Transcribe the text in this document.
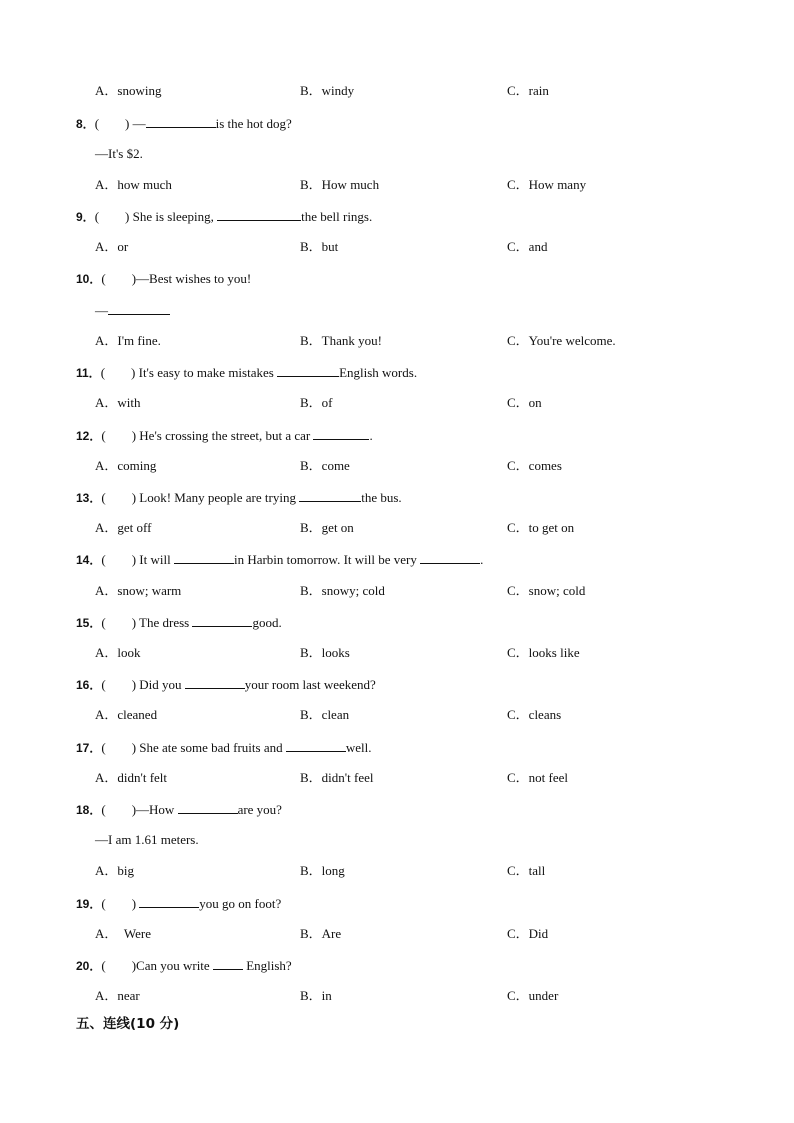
A．snowing	B．windy	C．rain
8．(　　) —	is the hot dog?
—It's $2.
A．how much	B．How much	C．How many
9．(　　) She is sleeping,	the bell rings.
A．or	B．but	C．and
10．(　　)—Best wishes to you!
—
A．I'm fine.	B．Thank you!	C．You're welcome.
11．(　　) It's easy to make mistakes	English words.
A．with	B．of	C．on
12．(　　) He's crossing the street, but a car	.
A．coming	B．come	C．comes
13．(　　) Look! Many people are trying	the bus.
A．get off	B．get on	C．to get on
14．(　　) It will	in Harbin tomorrow. It will be very	.
A．snow; warm	B．snowy; cold	C．snow; cold
15．(　　) The dress	good.
A．look	B．looks	C．looks like
16．(　　) Did you	your room last weekend?
A．cleaned	B．clean	C．cleans
17．(　　) She ate some bad fruits and	well.
A．didn't felt	B．didn't feel	C．not feel
18．(　　)—How	are you?
—I am 1.61 meters.
A．big	B．long	C．tall
19．(　　)	you go on foot?
A．　Were	B．Are	C．Did
20．(　　)Can you write  English?
A．near	B．in	C．under
五、连线(10 分)
